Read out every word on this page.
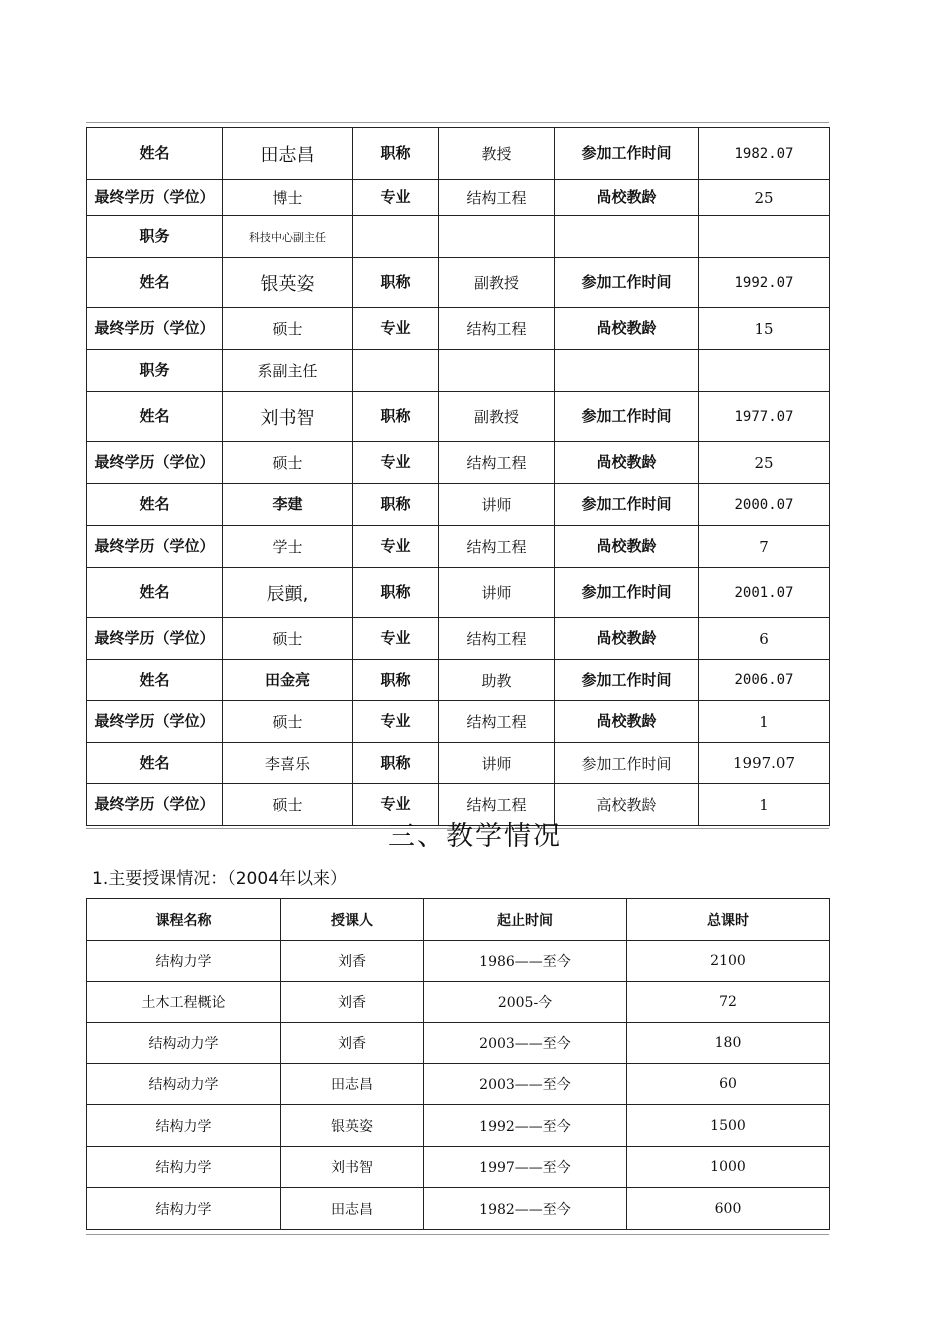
姓名	田志昌	职称	教授	参加工作时间	1982.07
最终学历（学位）	博士	专业	结构工程	咼校教龄	25
职务	科技中心副主任				
姓名	银英姿	职称	副教授	参加工作时间	1992.07
最终学历（学位）	硕士	专业	结构工程	咼校教龄	15
职务	系副主任				
姓名	刘书智	职称	副教授	参加工作时间	1977.07
最终学历（学位）	硕士	专业	结构工程	咼校教龄	25
姓名	李建	职称	讲师	参加工作时间	2000.07
最终学历（学位）	学士	专业	结构工程	咼校教龄	7
姓名	辰顫,	职称	讲师	参加工作时间	2001.07
最终学历（学位）	硕士	专业	结构工程	咼校教龄	6
姓名	田金亮	职称	助教	参加工作时间	2006.07
最终学历（学位）	硕士	专业	结构工程	咼校教龄	1
姓名	李喜乐	职称	讲师	参加工作时间	1997.07
最终学历（学位）	硕士	专业	结构工程	高校教龄	1
三、教学情况
1.主要授课情况：（2004年以来）
课程名称	授课人	起止时间	总课时
结构力学	刘香	1986——至今	2100
土木工程概论	刘香	2005-今	72
结构动力学	刘香	2003——至今	180
结构动力学	田志昌	2003——至今	60
结构力学	银英姿	1992——至今	1500
结构力学	刘书智	1997——至今	1000
结构力学	田志昌	1982——至今	600
